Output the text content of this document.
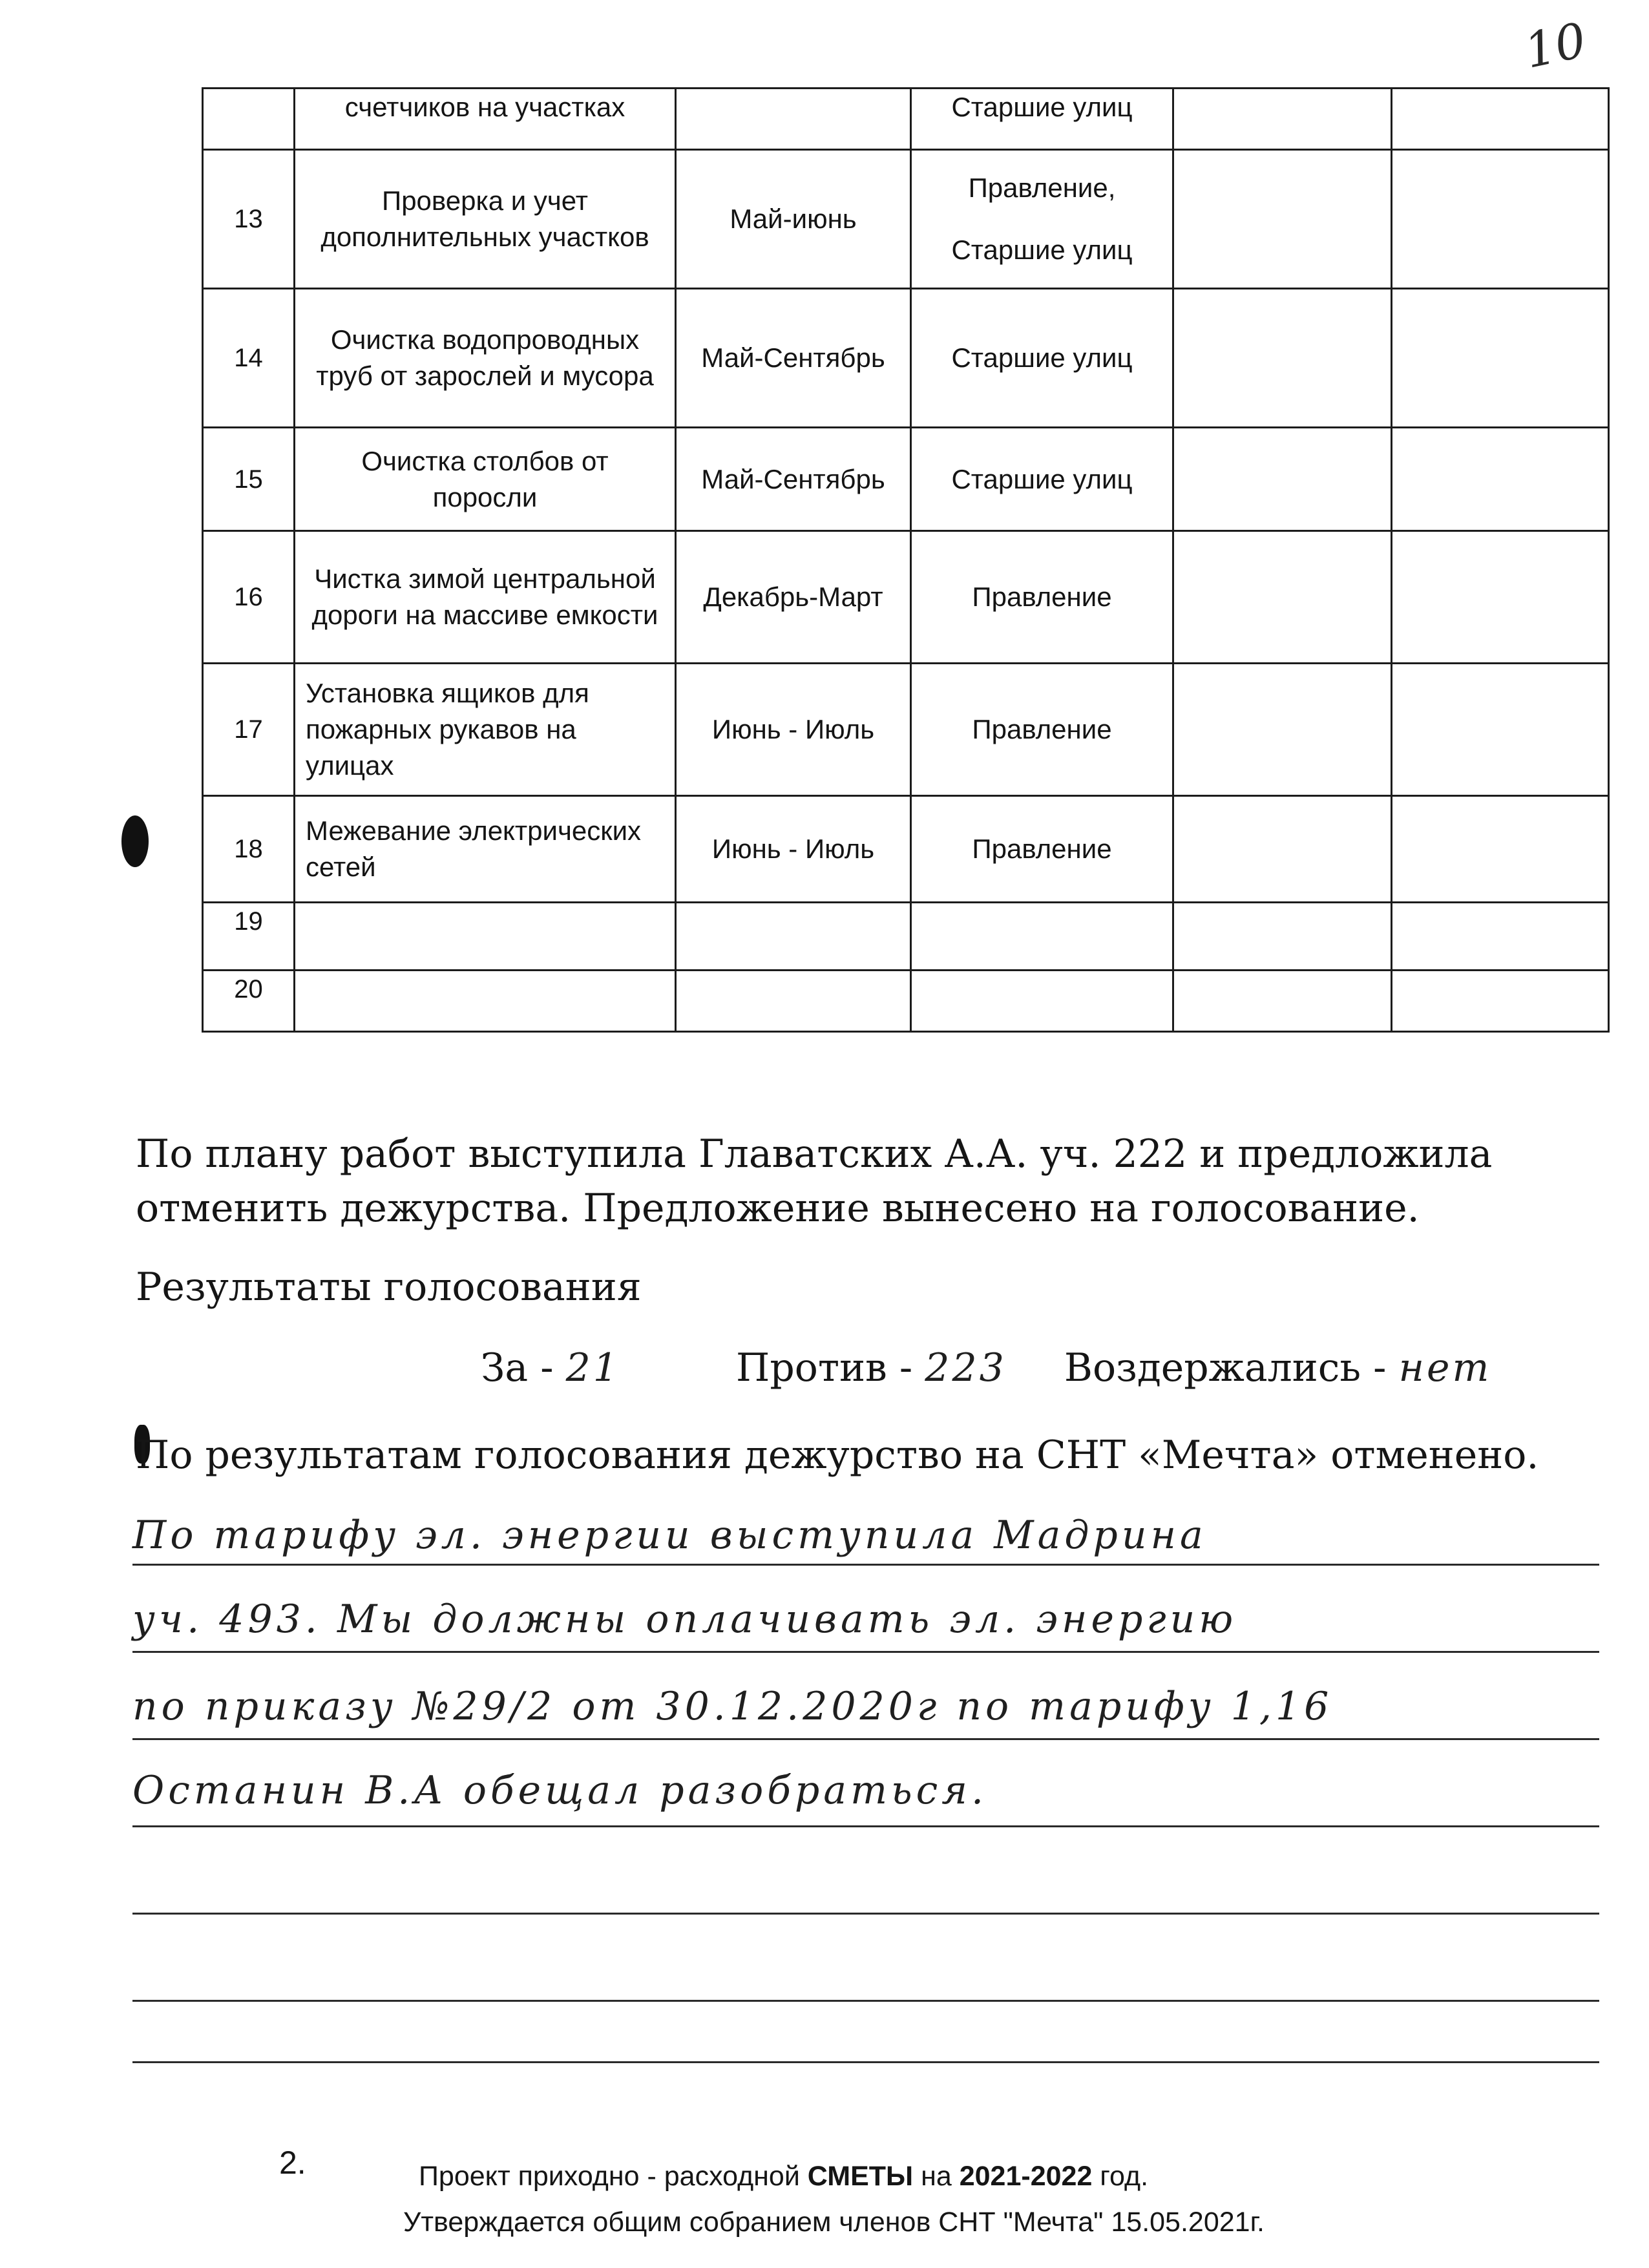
10
	счетчиков на участках		Старшие улиц		
13	Проверка и учет дополнительных участков	Май-июнь	Правление,
Старшие улиц		

14	Очистка водопроводных труб от зарослей и мусора	Май-Сентябрь	Старшие улиц		
15	Очистка столбов от поросли	Май-Сентябрь	Старшие улиц		
16	Чистка зимой центральной дороги на массиве емкости	Декабрь-Март	Правление		
17	Установка ящиков для пожарных рукавов на улицах	Июнь - Июль	Правление		
18	Межевание электрических сетей	Июнь - Июль	Правление		
19					
20					
По плану работ выступила Главатских А.А. уч. 222 и предложила
отменить дежурства. Предложение вынесено на голосование.
Результаты голосования
За - 21	Против - 223 Воздержались - нет
По результатам голосования дежурство на СНТ «Мечта» отменено.
По тарифу эл. энергии выступила Мадрина
уч. 493. Мы должны оплачивать эл. энергию
по приказу №29/2 от 30.12.2020г по тарифу 1,16
Останин В.А обещал разобраться.
2.	Проект приходно - расходной СМЕТЫ на 2021-2022 год.
Утверждается общим собранием членов СНТ "Мечта" 15.05.2021г.
